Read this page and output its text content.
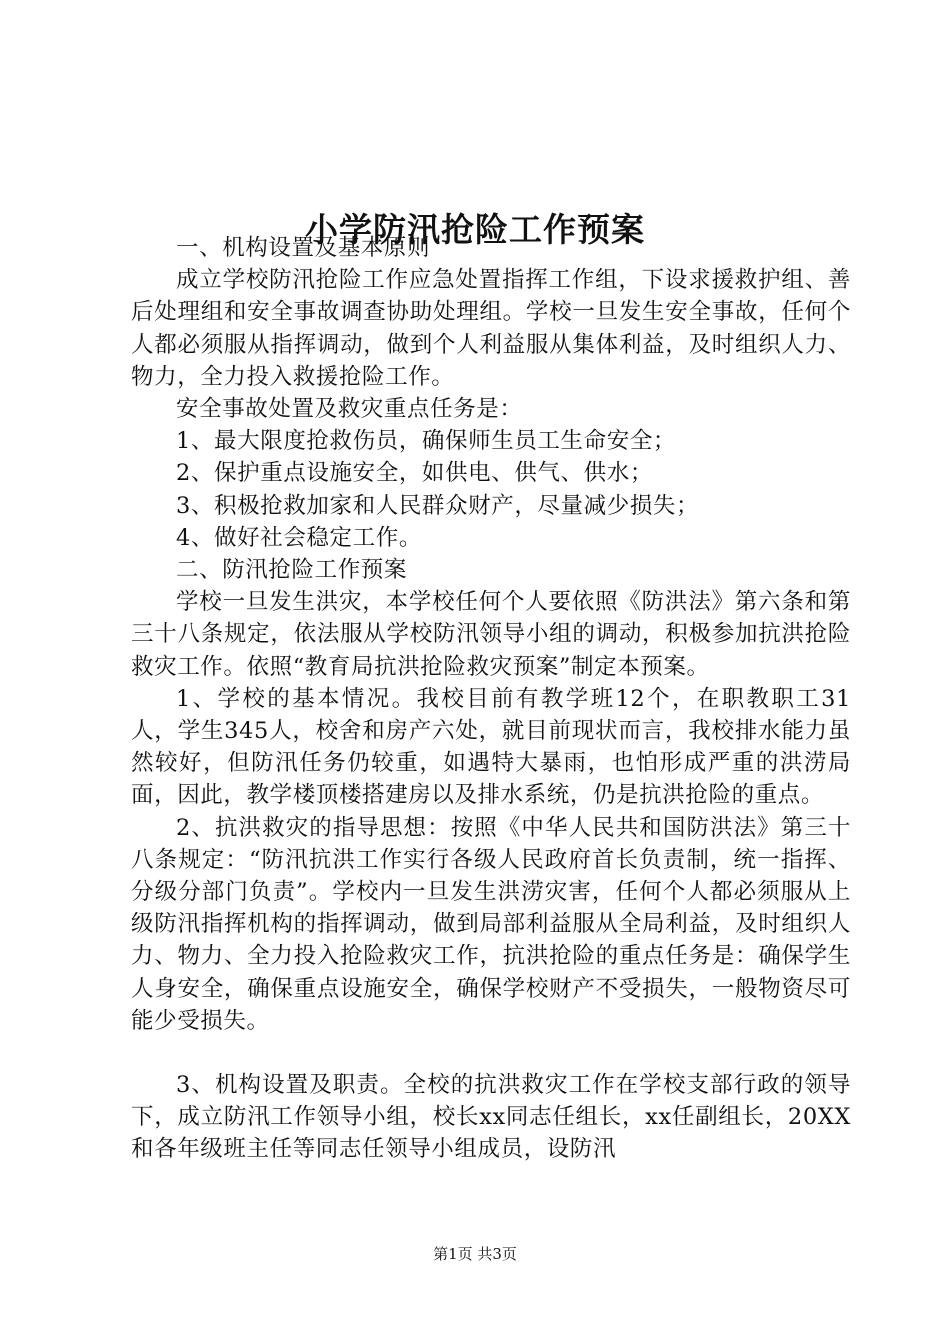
小学防汛抢险工作预案

一、机构设置及基本原则

成立学校防汛抢险工作应急处置指挥工作组，下设求援救护组、善后处理组和安全事故调查协助处理组。学校一旦发生安全事故，任何个人都必须服从指挥调动，做到个人利益服从集体利益，及时组织人力、物力，全力投入救援抢险工作。

安全事故处置及救灾重点任务是：

1、最大限度抢救伤员，确保师生员工生命安全；

2、保护重点设施安全，如供电、供气、供水；

3、积极抢救加家和人民群众财产，尽量减少损失；

4、做好社会稳定工作。

二、防汛抢险工作预案

学校一旦发生洪灾，本学校任何个人要依照《防洪法》第六条和第三十八条规定，依法服从学校防汛领导小组的调动，积极参加抗洪抢险救灾工作。依照“教育局抗洪抢险救灾预案”制定本预案。

1、学校的基本情况。我校目前有教学班12个，在职教职工31人，学生345人，校舍和房产六处，就目前现状而言，我校排水能力虽然较好，但防汛任务仍较重，如遇特大暴雨，也怕形成严重的洪涝局面，因此，教学楼顶楼搭建房以及排水系统，仍是抗洪抢险的重点。

2、抗洪救灾的指导思想：按照《中华人民共和国防洪法》第三十八条规定：“防汛抗洪工作实行各级人民政府首长负责制，统一指挥、分级分部门负责”。学校内一旦发生洪涝灾害，任何个人都必须服从上级防汛指挥机构的指挥调动，做到局部利益服从全局利益，及时组织人力、物力、全力投入抢险救灾工作，抗洪抢险的重点任务是：确保学生人身安全，确保重点设施安全，确保学校财产不受损失，一般物资尽可能少受损失。

3、机构设置及职责。全校的抗洪救灾工作在学校支部行政的领导下，成立防汛工作领导小组，校长xx同志任组长，xx任副组长，20XX和各年级班主任等同志任领导小组成员，设防汛

第1页 共3页
